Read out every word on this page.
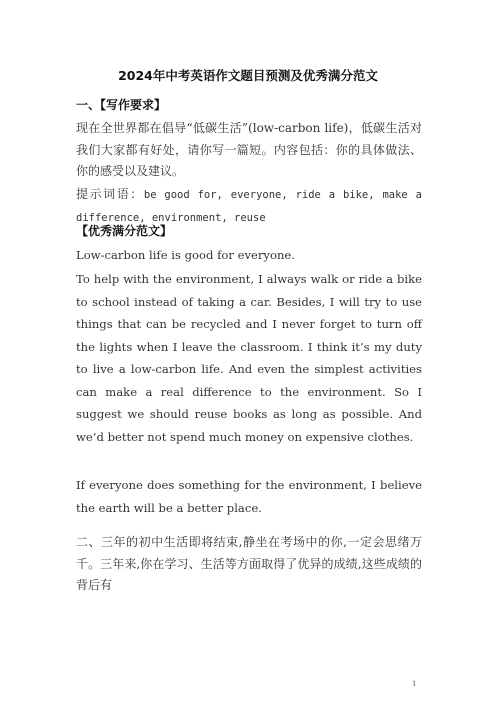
2024年中考英语作文题目预测及优秀满分范文
一、【写作要求】
现在全世界都在倡导“低碳生活”(low-carbon life)，低碳生活对我们大家都有好处，请你写一篇短。内容包括：你的具体做法、你的感受以及建议。
提示词语：be good for, everyone, ride a bike, make a difference, environment, reuse
【优秀满分范文】
Low-carbon life is good for everyone.
To help with the environment, I always walk or ride a bike to school instead of taking a car. Besides, I will try to use things that can be recycled and I never forget to turn off the lights when I leave the classroom. I think it’s my duty to live a low-carbon life. And even the simplest activities can make a real difference to the environment. So I suggest we should reuse books as long as possible. And we’d better not spend much money on expensive clothes.
If everyone does something for the environment, I believe the earth will be a better place.
二、三年的初中生活即将结束,静坐在考场中的你,一定会思绪万千。三年来,你在学习、生活等方面取得了优异的成绩,这些成绩的背后有
1
